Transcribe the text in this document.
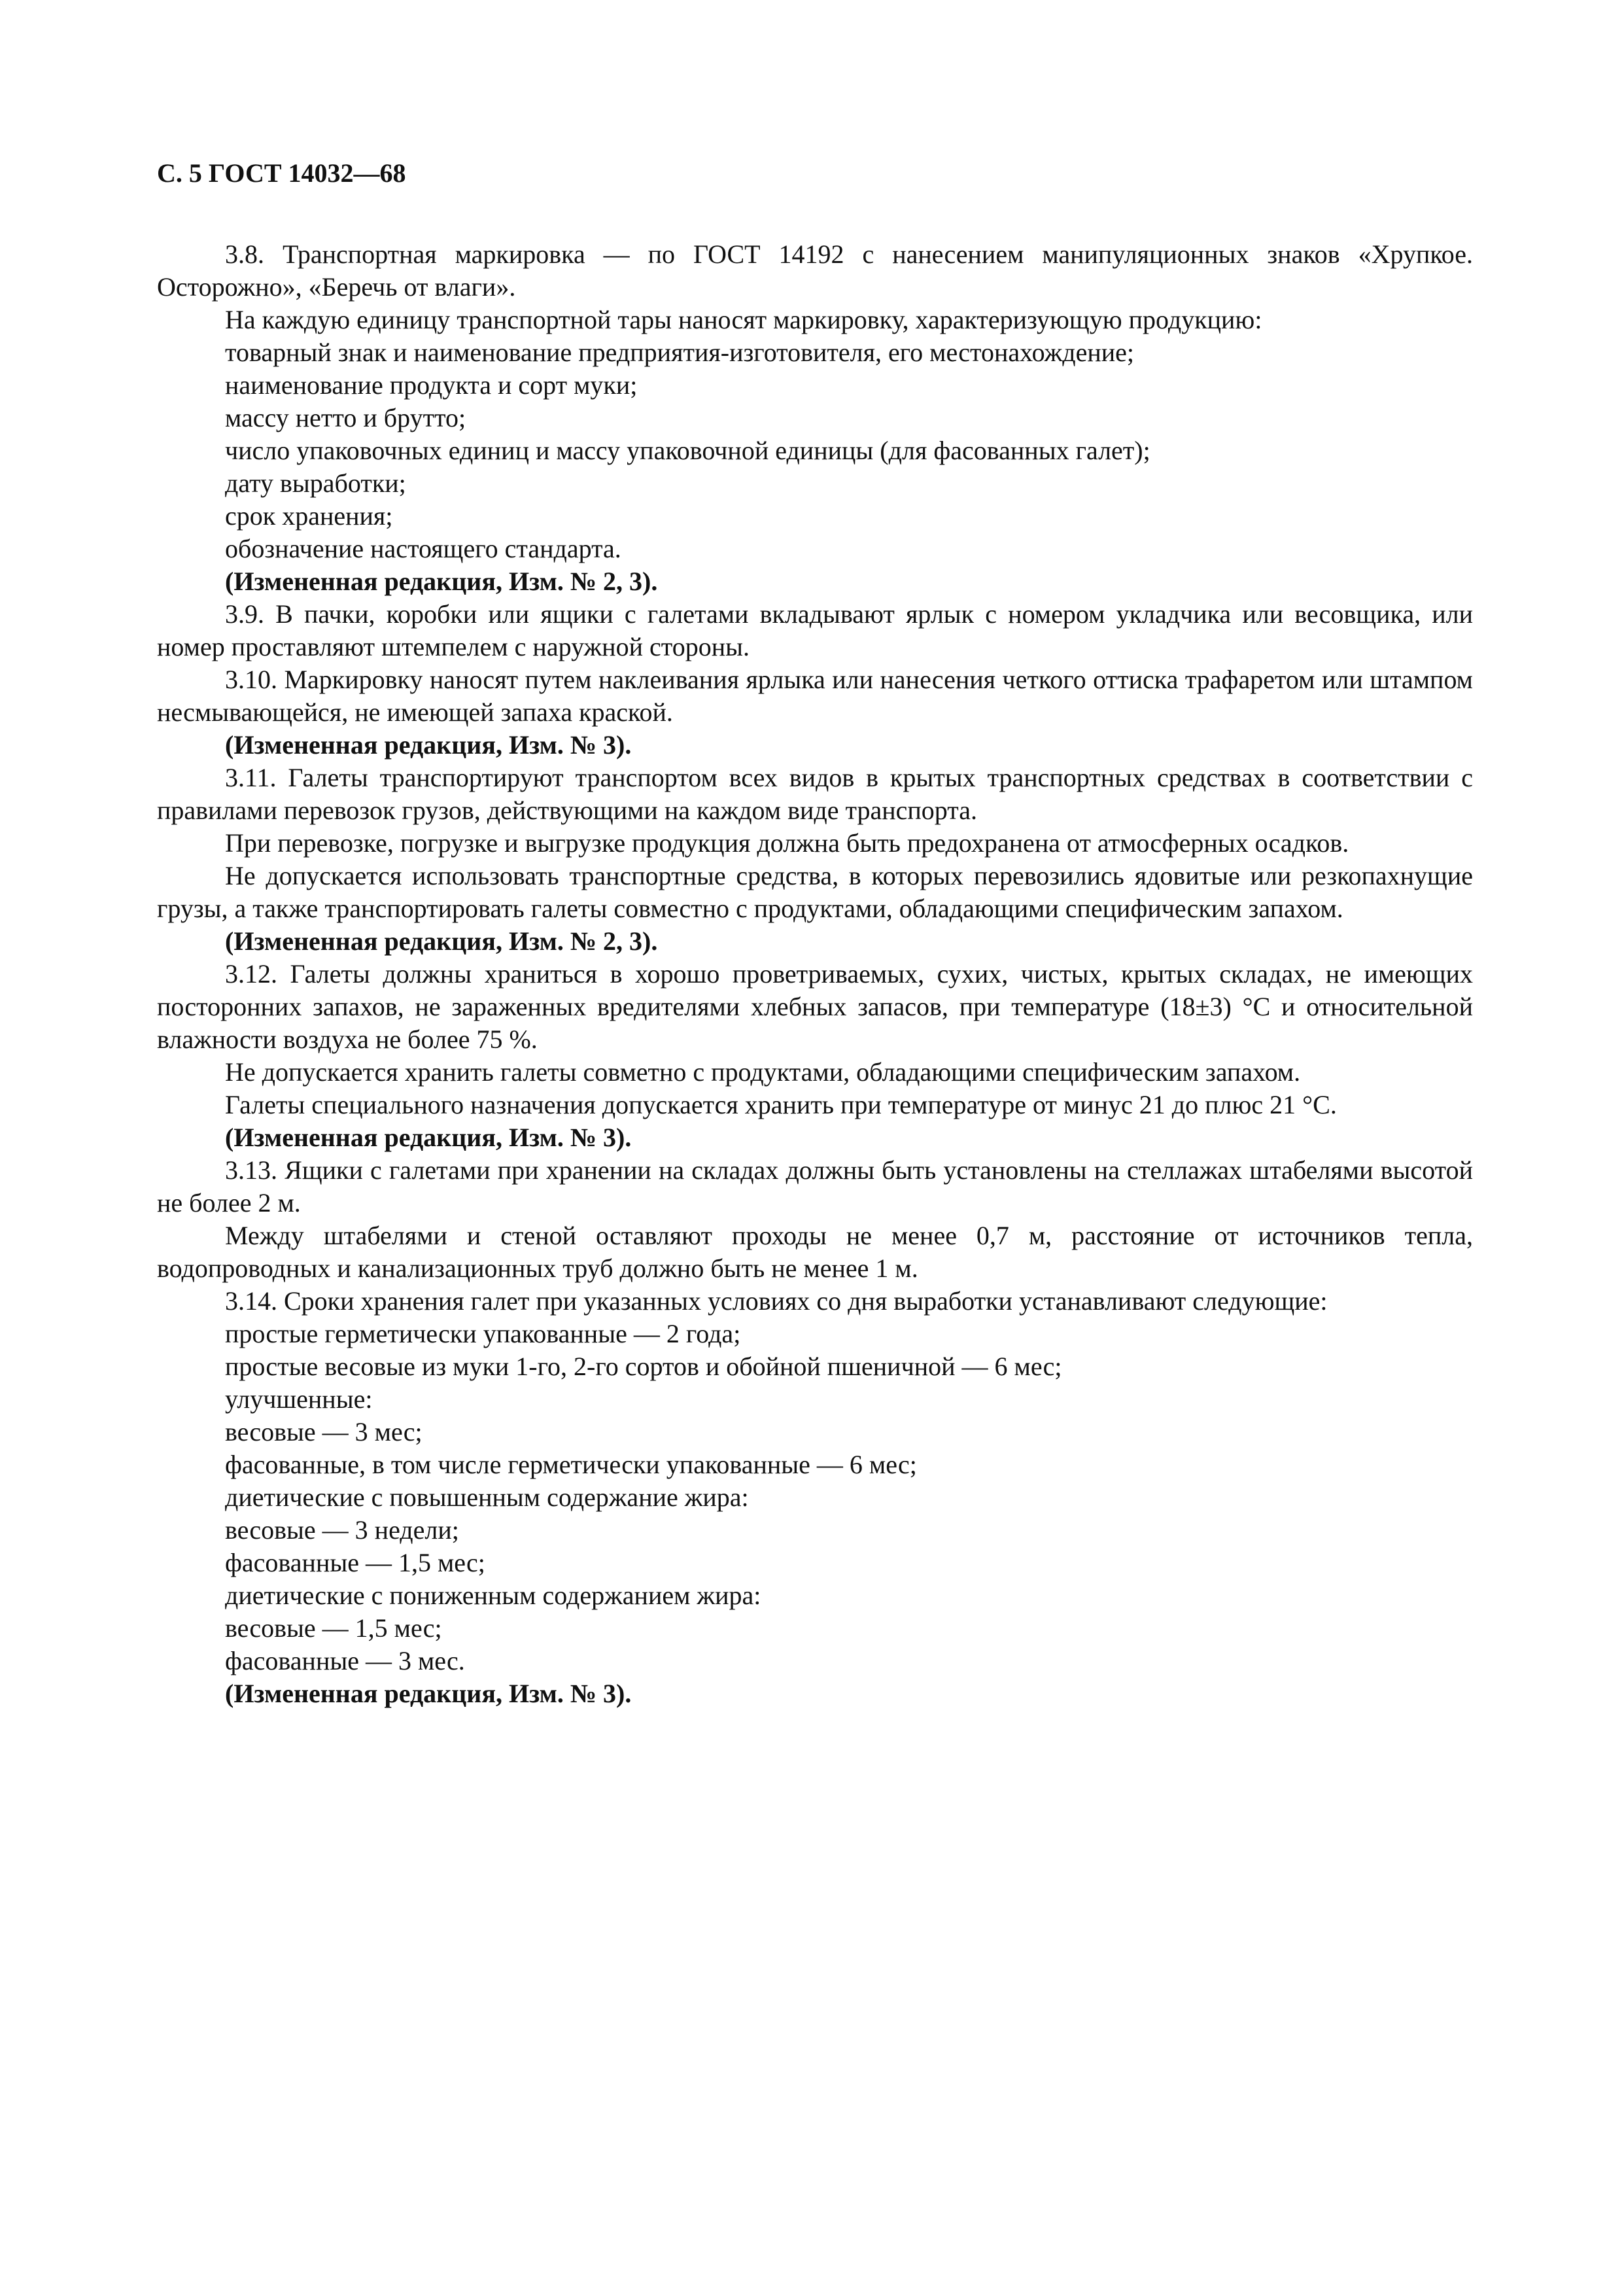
С. 5 ГОСТ 14032—68

3.8. Транспортная маркировка — по ГОСТ 14192 с нанесением манипуляционных знаков «Хрупкое. Осторожно», «Беречь от влаги».

На каждую единицу транспортной тары наносят маркировку, характеризующую продукцию:

товарный знак и наименование предприятия-изготовителя, его местонахождение;

наименование продукта и сорт муки;

массу нетто и брутто;

число упаковочных единиц и массу упаковочной единицы (для фасованных галет);

дату выработки;

срок хранения;

обозначение настоящего стандарта.

(Измененная редакция, Изм. № 2, 3).

3.9. В пачки, коробки или ящики с галетами вкладывают ярлык с номером укладчика или весовщика, или номер проставляют штемпелем с наружной стороны.

3.10. Маркировку наносят путем наклеивания ярлыка или нанесения четкого оттиска трафаретом или штампом несмывающейся, не имеющей запаха краской.

(Измененная редакция, Изм. № 3).

3.11. Галеты транспортируют транспортом всех видов в крытых транспортных средствах в соответствии с правилами перевозок грузов, действующими на каждом виде транспорта.

При перевозке, погрузке и выгрузке продукция должна быть предохранена от атмосферных осадков.

Не допускается использовать транспортные средства, в которых перевозились ядовитые или резкопахнущие грузы, а также транспортировать галеты совместно с продуктами, обладающими специфическим запахом.

(Измененная редакция, Изм. № 2, 3).

3.12. Галеты должны храниться в хорошо проветриваемых, сухих, чистых, крытых складах, не имеющих посторонних запахов, не зараженных вредителями хлебных запасов, при температуре (18±3) °С и относительной влажности воздуха не более 75 %.

Не допускается хранить галеты совметно с продуктами, обладающими специфическим запахом.

Галеты специального назначения допускается хранить при температуре от минус 21 до плюс 21 °С.

(Измененная редакция, Изм. № 3).

3.13. Ящики с галетами при хранении на складах должны быть установлены на стеллажах штабелями высотой не более 2 м.

Между штабелями и стеной оставляют проходы не менее 0,7 м, расстояние от источников тепла, водопроводных и канализационных труб должно быть не менее 1 м.

3.14. Сроки хранения галет при указанных условиях со дня выработки устанавливают следующие:

простые герметически упакованные — 2 года;

простые весовые из муки 1-го, 2-го сортов и обойной пшеничной — 6 мес;

улучшенные:

весовые — 3 мес;

фасованные, в том числе герметически упакованные — 6 мес;

диетические с повышенным содержание жира:

весовые — 3 недели;

фасованные — 1,5 мес;

диетические с пониженным содержанием жира:

весовые — 1,5 мес;

фасованные — 3 мес.

(Измененная редакция, Изм. № 3).
